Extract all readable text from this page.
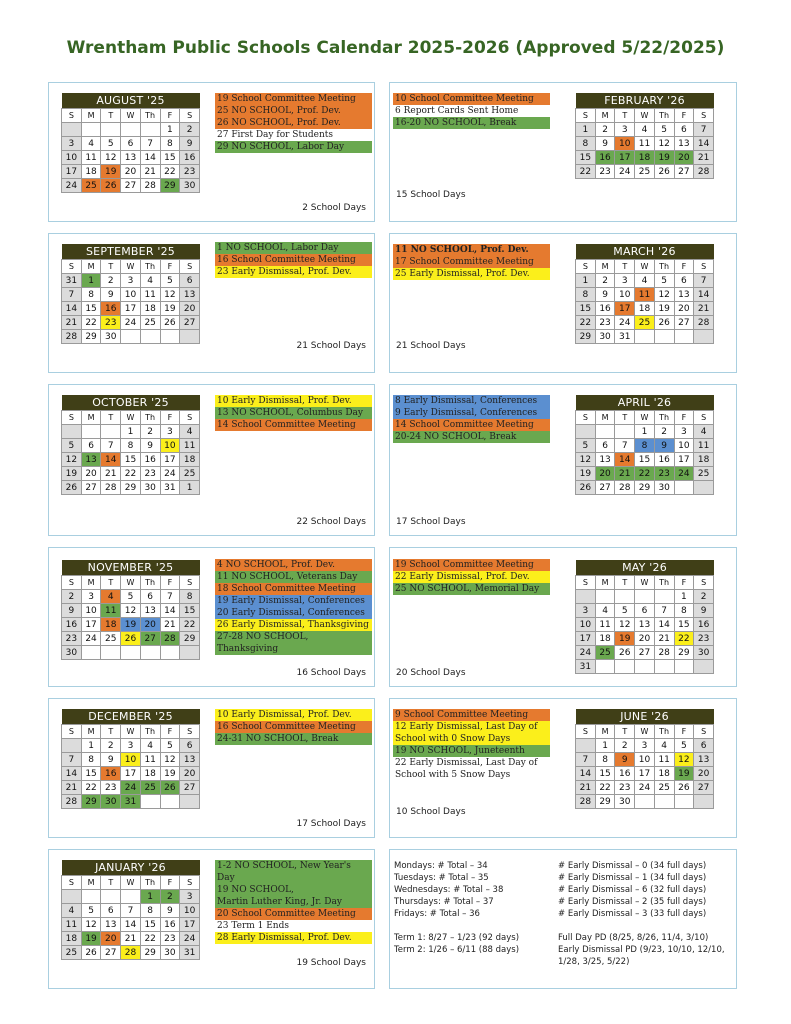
Wrentham Public Schools Calendar 2025-2026 (Approved 5/22/2025)
AUGUST '25						
S	M	T	W	Th	F	S
					1	2
3	4	5	6	7	8	9
10	11	12	13	14	15	16
17	18	19	20	21	22	23
24	25	26	27	28	29	30
19 School Committee Meeting
25 NO SCHOOL, Prof. Dev.
26 NO SCHOOL, Prof. Dev.
27 First Day for Students
29 NO SCHOOL, Labor Day
2 School Days
SEPTEMBER '25						
S	M	T	W	Th	F	S
31	1	2	3	4	5	6
7	8	9	10	11	12	13
14	15	16	17	18	19	20
21	22	23	24	25	26	27
28	29	30				
1 NO SCHOOL, Labor Day
16 School Committee Meeting
23 Early Dismissal, Prof. Dev.
21 School Days
OCTOBER '25						
S	M	T	W	Th	F	S
			1	2	3	4
5	6	7	8	9	10	11
12	13	14	15	16	17	18
19	20	21	22	23	24	25
26	27	28	29	30	31	1
10 Early Dismissal, Prof. Dev.
13 NO SCHOOL, Columbus Day
14 School Committee Meeting
22 School Days
NOVEMBER '25						
S	M	T	W	Th	F	S
2	3	4	5	6	7	8
9	10	11	12	13	14	15
16	17	18	19	20	21	22
23	24	25	26	27	28	29
30						
4 NO SCHOOL, Prof. Dev.
11 NO SCHOOL, Veterans Day
18 School Committee Meeting
19 Early Dismissal, Conferences
20 Early Dismissal, Conferences
26 Early Dismissal, Thanksgiving
27-28 NO SCHOOL, Thanksgiving
16 School Days
DECEMBER '25						
S	M	T	W	Th	F	S
	1	2	3	4	5	6
7	8	9	10	11	12	13
14	15	16	17	18	19	20
21	22	23	24	25	26	27
28	29	30	31			
10 Early Dismissal, Prof. Dev.
16 School Committee Meeting
24-31 NO SCHOOL, Break
17 School Days
JANUARY '26						
S	M	T	W	Th	F	S
				1	2	3
4	5	6	7	8	9	10
11	12	13	14	15	16	17
18	19	20	21	22	23	24
25	26	27	28	29	30	31
1-2 NO SCHOOL, New Year's Day
19 NO SCHOOL,
Martin Luther King, Jr. Day
20 School Committee Meeting
23 Term 1 Ends
28 Early Dismissal, Prof. Dev.
19 School Days
FEBRUARY '26						
S	M	T	W	Th	F	S
1	2	3	4	5	6	7
8	9	10	11	12	13	14
15	16	17	18	19	20	21
22	23	24	25	26	27	28
10 School Committee Meeting
6 Report Cards Sent Home
16-20 NO SCHOOL, Break
15 School Days
MARCH '26						
S	M	T	W	Th	F	S
1	2	3	4	5	6	7
8	9	10	11	12	13	14
15	16	17	18	19	20	21
22	23	24	25	26	27	28
29	30	31				
11 NO SCHOOL, Prof. Dev.
17 School Committee Meeting
25 Early Dismissal, Prof. Dev.
21 School Days
APRIL '26						
S	M	T	W	Th	F	S
			1	2	3	4
5	6	7	8	9	10	11
12	13	14	15	16	17	18
19	20	21	22	23	24	25
26	27	28	29	30		
8 Early Dismissal, Conferences
9 Early Dismissal, Conferences
14 School Committee Meeting
20-24 NO SCHOOL, Break
17 School Days
MAY '26						
S	M	T	W	Th	F	S
					1	2
3	4	5	6	7	8	9
10	11	12	13	14	15	16
17	18	19	20	21	22	23
24	25	26	27	28	29	30
31						
19 School Committee Meeting
22 Early Dismissal, Prof. Dev.
25 NO SCHOOL, Memorial Day
20 School Days
JUNE '26						
S	M	T	W	Th	F	S
	1	2	3	4	5	6
7	8	9	10	11	12	13
14	15	16	17	18	19	20
21	22	23	24	25	26	27
28	29	30				
9 School Committee Meeting
12 Early Dismissal, Last Day of
School with 0 Snow Days
19 NO SCHOOL, Juneteenth
22 Early Dismissal, Last Day of
School with 5 Snow Days
10 School Days
Mondays: # Total – 34
Tuesdays: # Total – 35
Wednesdays: # Total – 38
Thursdays: # Total – 37
Fridays: # Total – 36

Term 1: 8/27 – 1/23 (92 days)
Term 2: 1/26 – 6/11 (88 days)
# Early Dismissal – 0 (34 full days)
# Early Dismissal – 1 (34 full days)
# Early Dismissal – 6 (32 full days)
# Early Dismissal – 2 (35 full days)
# Early Dismissal – 3 (33 full days)

Full Day PD (8/25, 8/26, 11/4, 3/10)
Early Dismissal PD (9/23, 10/10, 12/10,
1/28, 3/25, 5/22)
